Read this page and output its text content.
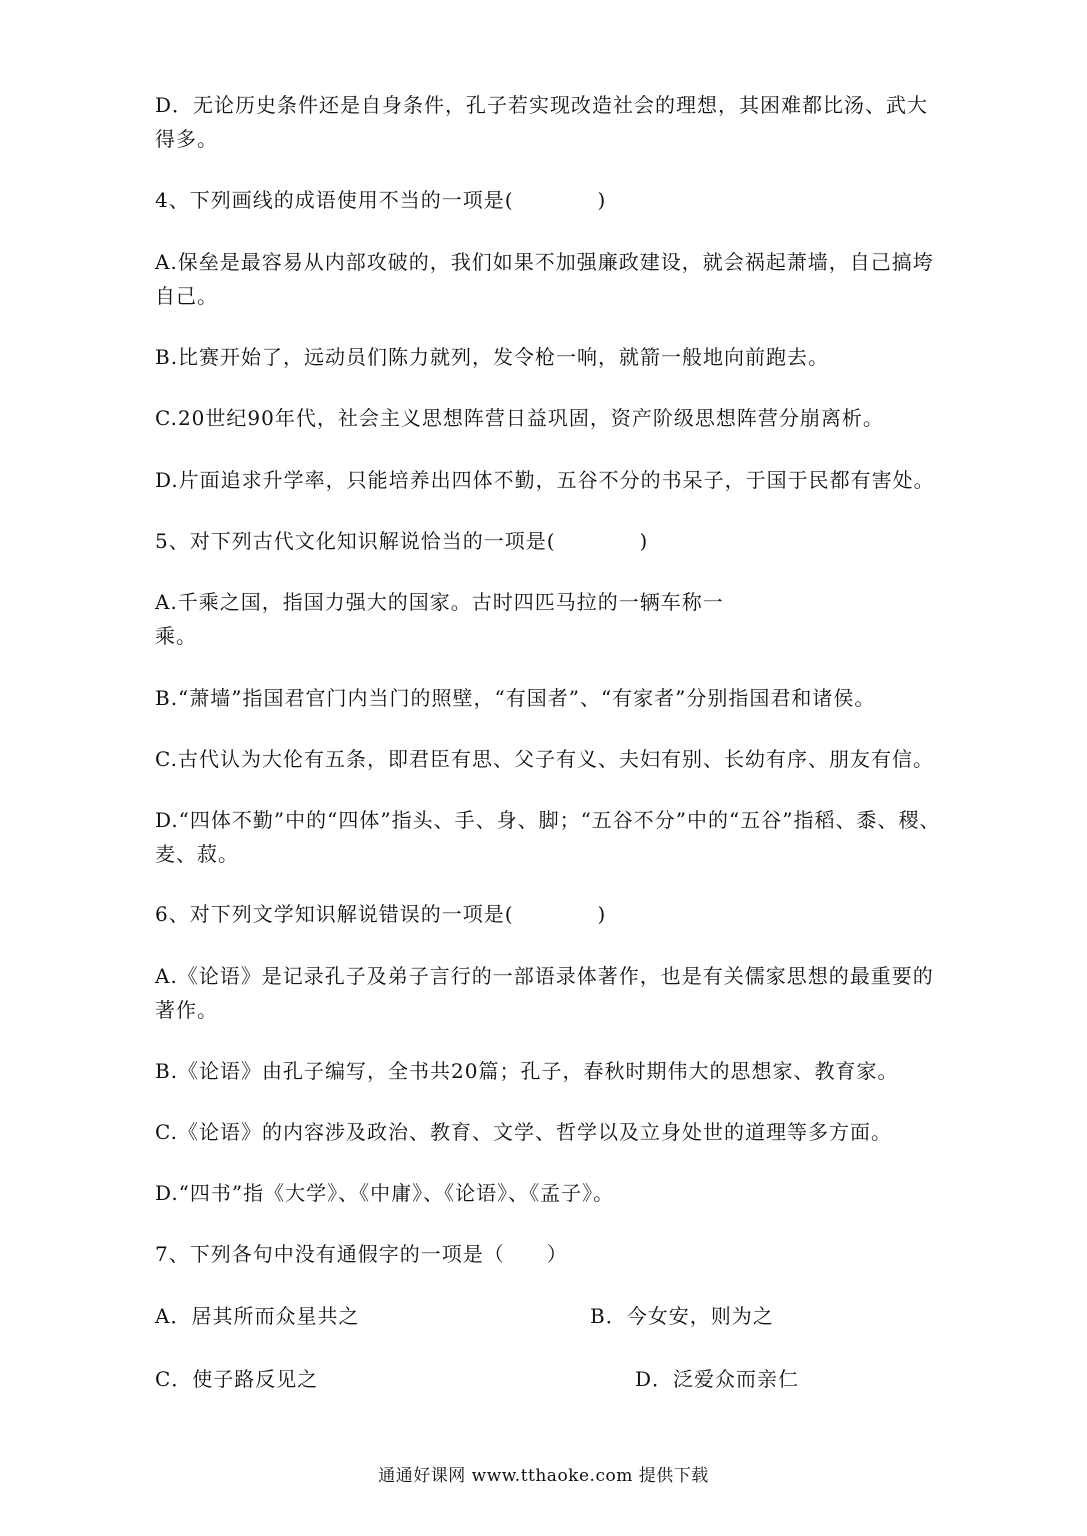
D．无论历史条件还是自身条件，孔子若实现改造社会的理想，其困难都比汤、武大得多。
4、下列画线的成语使用不当的一项是(　　　　)
A.保垒是最容易从内部攻破的，我们如果不加强廉政建设，就会祸起萧墙，自己搞垮自己。
B.比赛开始了，远动员们陈力就列，发令枪一响，就箭一般地向前跑去。
C.20世纪90年代，社会主义思想阵营日益巩固，资产阶级思想阵营分崩离析。
D.片面追求升学率，只能培养出四体不勤，五谷不分的书呆子，于国于民都有害处。
5、对下列古代文化知识解说恰当的一项是(　　　　)
A.千乘之国，指国力强大的国家。古时四匹马拉的一辆车称一
乘。
B.“萧墙”指国君官门内当门的照壁，“有国者”、“有家者”分别指国君和诸侯。
C.古代认为大伦有五条，即君臣有思、父子有义、夫妇有别、长幼有序、朋友有信。
D.“四体不勤”中的“四体”指头、手、身、脚；“五谷不分”中的“五谷”指稻、黍、稷、麦、菽。
6、对下列文学知识解说错误的一项是(　　　　)
A.《论语》是记录孔子及弟子言行的一部语录体著作，也是有关儒家思想的最重要的著作。
B.《论语》由孔子编写，全书共20篇；孔子，春秋时期伟大的思想家、教育家。
C.《论语》的内容涉及政治、教育、文学、哲学以及立身处世的道理等多方面。
D.“四书”指《大学》、《中庸》、《论语》、《孟子》。
7、下列各句中没有通假字的一项是（　　）
A．居其所而众星共之	B．今女安，则为之
C．使子路反见之	D．泛爱众而亲仁
通通好课网 www.tthaoke.com 提供下载
